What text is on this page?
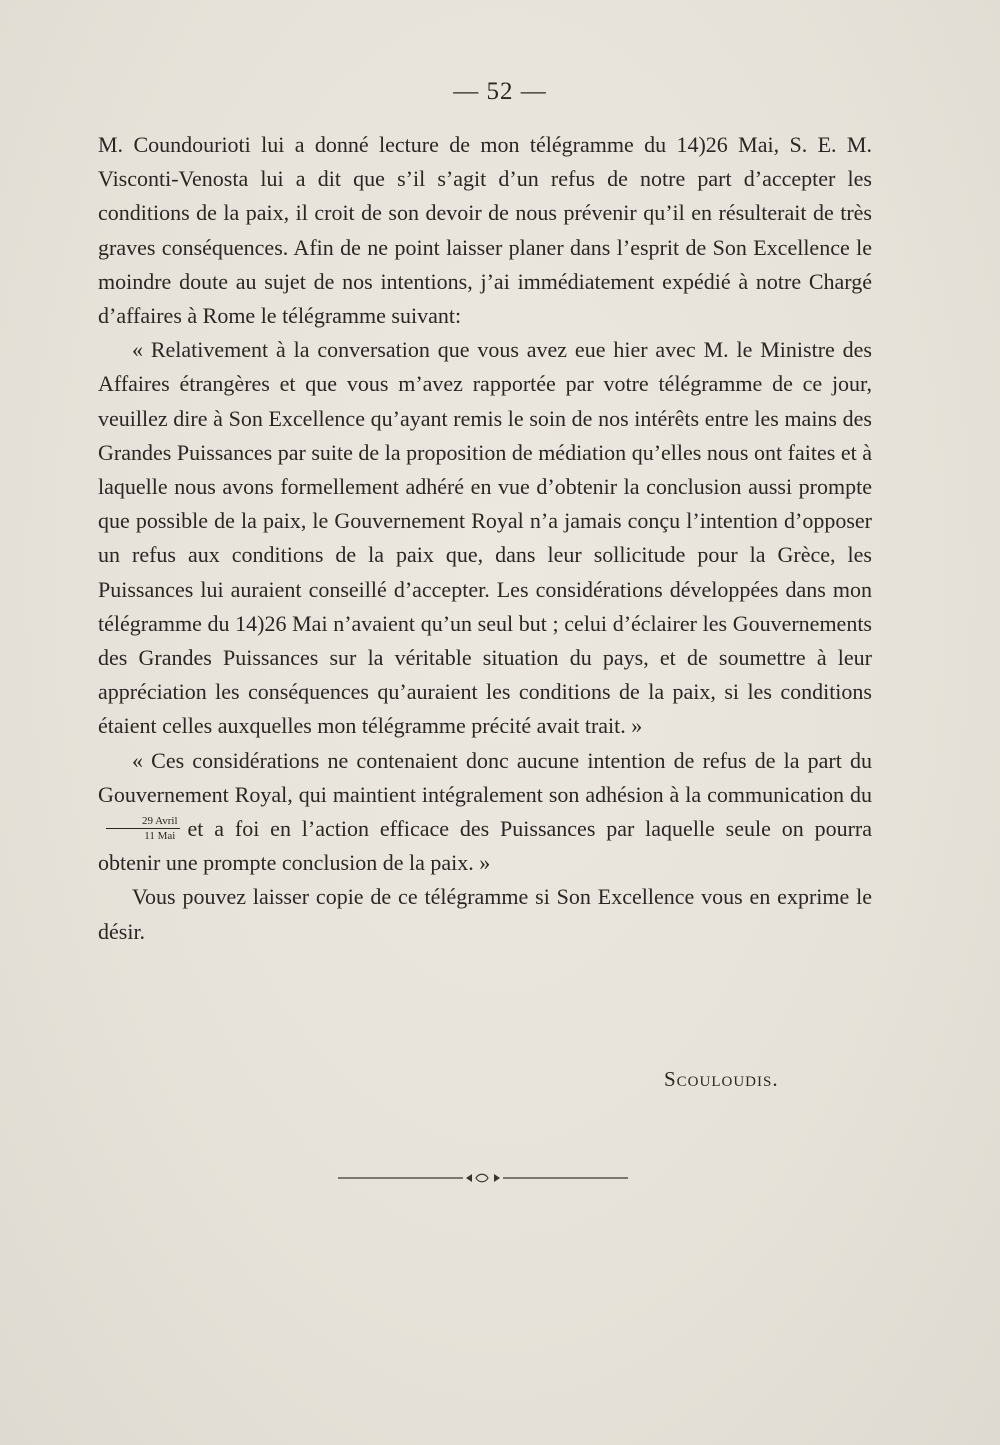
— 52 —

M. Coundourioti lui a donné lecture de mon télégramme du 14)26 Mai, S. E. M. Visconti-Venosta lui a dit que s’il s’agit d’un refus de notre part d’accepter les conditions de la paix, il croit de son devoir de nous prévenir qu’il en résulterait de très graves conséquences. Afin de ne point laisser planer dans l’esprit de Son Excellence le moindre doute au sujet de nos intentions, j’ai immédiatement expédié à notre Chargé d’affaires à Rome le télégramme suivant:

« Relativement à la conversation que vous avez eue hier avec M. le Ministre des Affaires étrangères et que vous m’avez rapportée par votre télégramme de ce jour, veuillez dire à Son Excellence qu’ayant remis le soin de nos intérêts entre les mains des Grandes Puissances par suite de la proposition de médiation qu’elles nous ont faites et à laquelle nous avons formellement adhéré en vue d’obtenir la conclusion aussi prompte que possible de la paix, le Gouvernement Royal n’a jamais conçu l’intention d’opposer un refus aux conditions de la paix que, dans leur sollicitude pour la Grèce, les Puissances lui auraient conseillé d’accepter. Les considérations développées dans mon télégramme du 14)26 Mai n’avaient qu’un seul but ; celui d’éclairer les Gouvernements des Grandes Puissances sur la véritable situation du pays, et de soumettre à leur appréciation les conséquences qu’auraient les conditions de la paix, si les conditions étaient celles auxquelles mon télégramme précité avait trait. »

« Ces considérations ne contenaient donc aucune intention de refus de la part du Gouvernement Royal, qui maintient intégralement son adhésion à la communication du
$\frac{\text{29 Avril}}{\text{11 Mai}}$ et a foi en l’action efficace des Puissances par laquelle seule on pourra obtenir une prompte conclusion de la paix. »

Vous pouvez laisser copie de ce télégramme si Son Excellence vous en exprime le désir.

Scouloudis.
